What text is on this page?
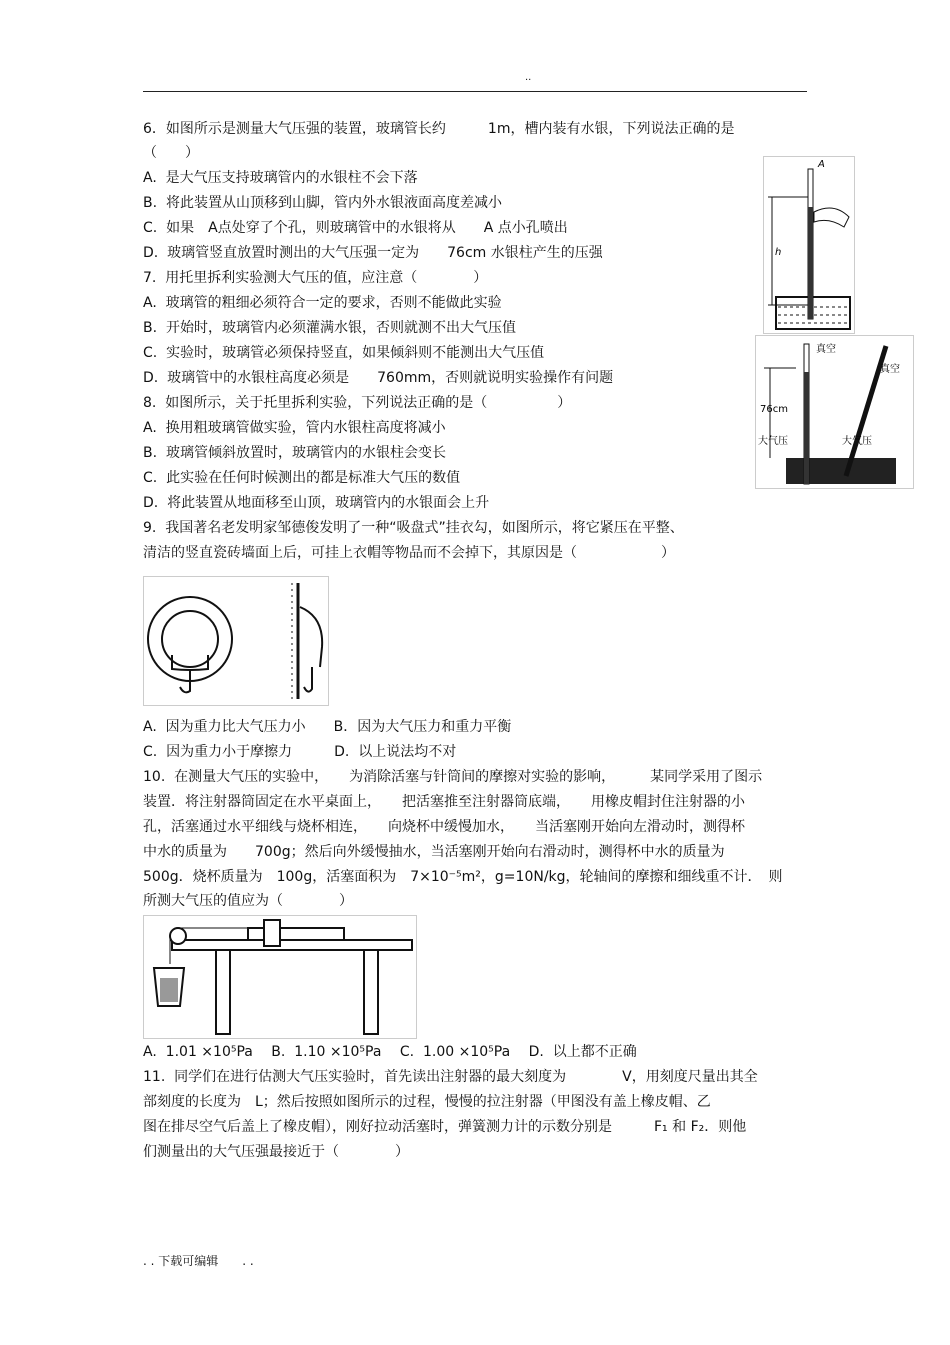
..
6．如图所示是测量大气压强的装置，玻璃管长约　　　1m，槽内装有水银，下列说法正确的是
（　　）
A.  是大气压支持玻璃管内的水银柱不会下落
B.  将此装置从山顶移到山脚，管内外水银液面高度差减小
C.  如果　A点处穿了个孔，则玻璃管中的水银将从　　A 点小孔喷出
D.  玻璃管竖直放置时测出的大气压强一定为　　76cm 水银柱产生的压强
7.  用托里拆利实验测大气压的值，应注意（　　　　）
A.  玻璃管的粗细必须符合一定的要求，否则不能做此实验
B.  开始时，玻璃管内必须灌满水银，否则就测不出大气压值
C.  实验时，玻璃管必须保持竖直，如果倾斜则不能测出大气压值
D.  玻璃管中的水银柱高度必须是　　760mm，否则就说明实验操作有问题
8.  如图所示，关于托里拆利实验，下列说法正确的是（　　　　　）
A.  换用粗玻璃管做实验，管内水银柱高度将减小
B.  玻璃管倾斜放置时，玻璃管内的水银柱会变长
C.  此实验在任何时候测出的都是标准大气压的数值
D.  将此装置从地面移至山顶，玻璃管内的水银面会上升
9.  我国著名老发明家邹德俊发明了一种“吸盘式”挂衣勾，如图所示，将它紧压在平整、
清洁的竖直瓷砖墙面上后，可挂上衣帽等物品而不会掉下，其原因是（　　　　　　）
A.  因为重力比大气压力小　　B．因为大气压力和重力平衡
C.  因为重力小于摩擦力　　　D.  以上说法均不对
10.  在测量大气压的实验中，　　为消除活塞与针筒间的摩擦对实验的影响，　　　某同学采用了图示
装置．将注射器筒固定在水平桌面上，　　把活塞推至注射器筒底端，　　用橡皮帽封住注射器的小
孔，活塞通过水平细线与烧杯相连，　　向烧杯中缓慢加水，　　当活塞刚开始向左滑动时，测得杯
中水的质量为　　700g；然后向外缓慢抽水，当活塞刚开始向右滑动时，测得杯中水的质量为
500g．烧杯质量为　100g，活塞面积为　7×10⁻⁵m²，g=10N/kg，轮轴间的摩擦和细线重不计．　则
所测大气压的值应为（　　　　）
A.  1.01 ×10⁵Pa　 B.  1.10 ×10⁵Pa　 C.  1.00 ×10⁵Pa　 D.  以上都不正确
11.  同学们在进行估测大气压实验时，首先读出注射器的最大刻度为　　　　V，用刻度尺量出其全
部刻度的长度为　L；然后按照如图所示的过程，慢慢的拉注射器（甲图没有盖上橡皮帽、乙
图在排尽空气后盖上了橡皮帽），刚好拉动活塞时，弹簧测力计的示数分别是　　　F₁ 和 F₂．则他
们测量出的大气压强最接近于（　　　　）
A
h
真空
真空
76cm
大气压	大气压
. . 下载可编辑　　. .
